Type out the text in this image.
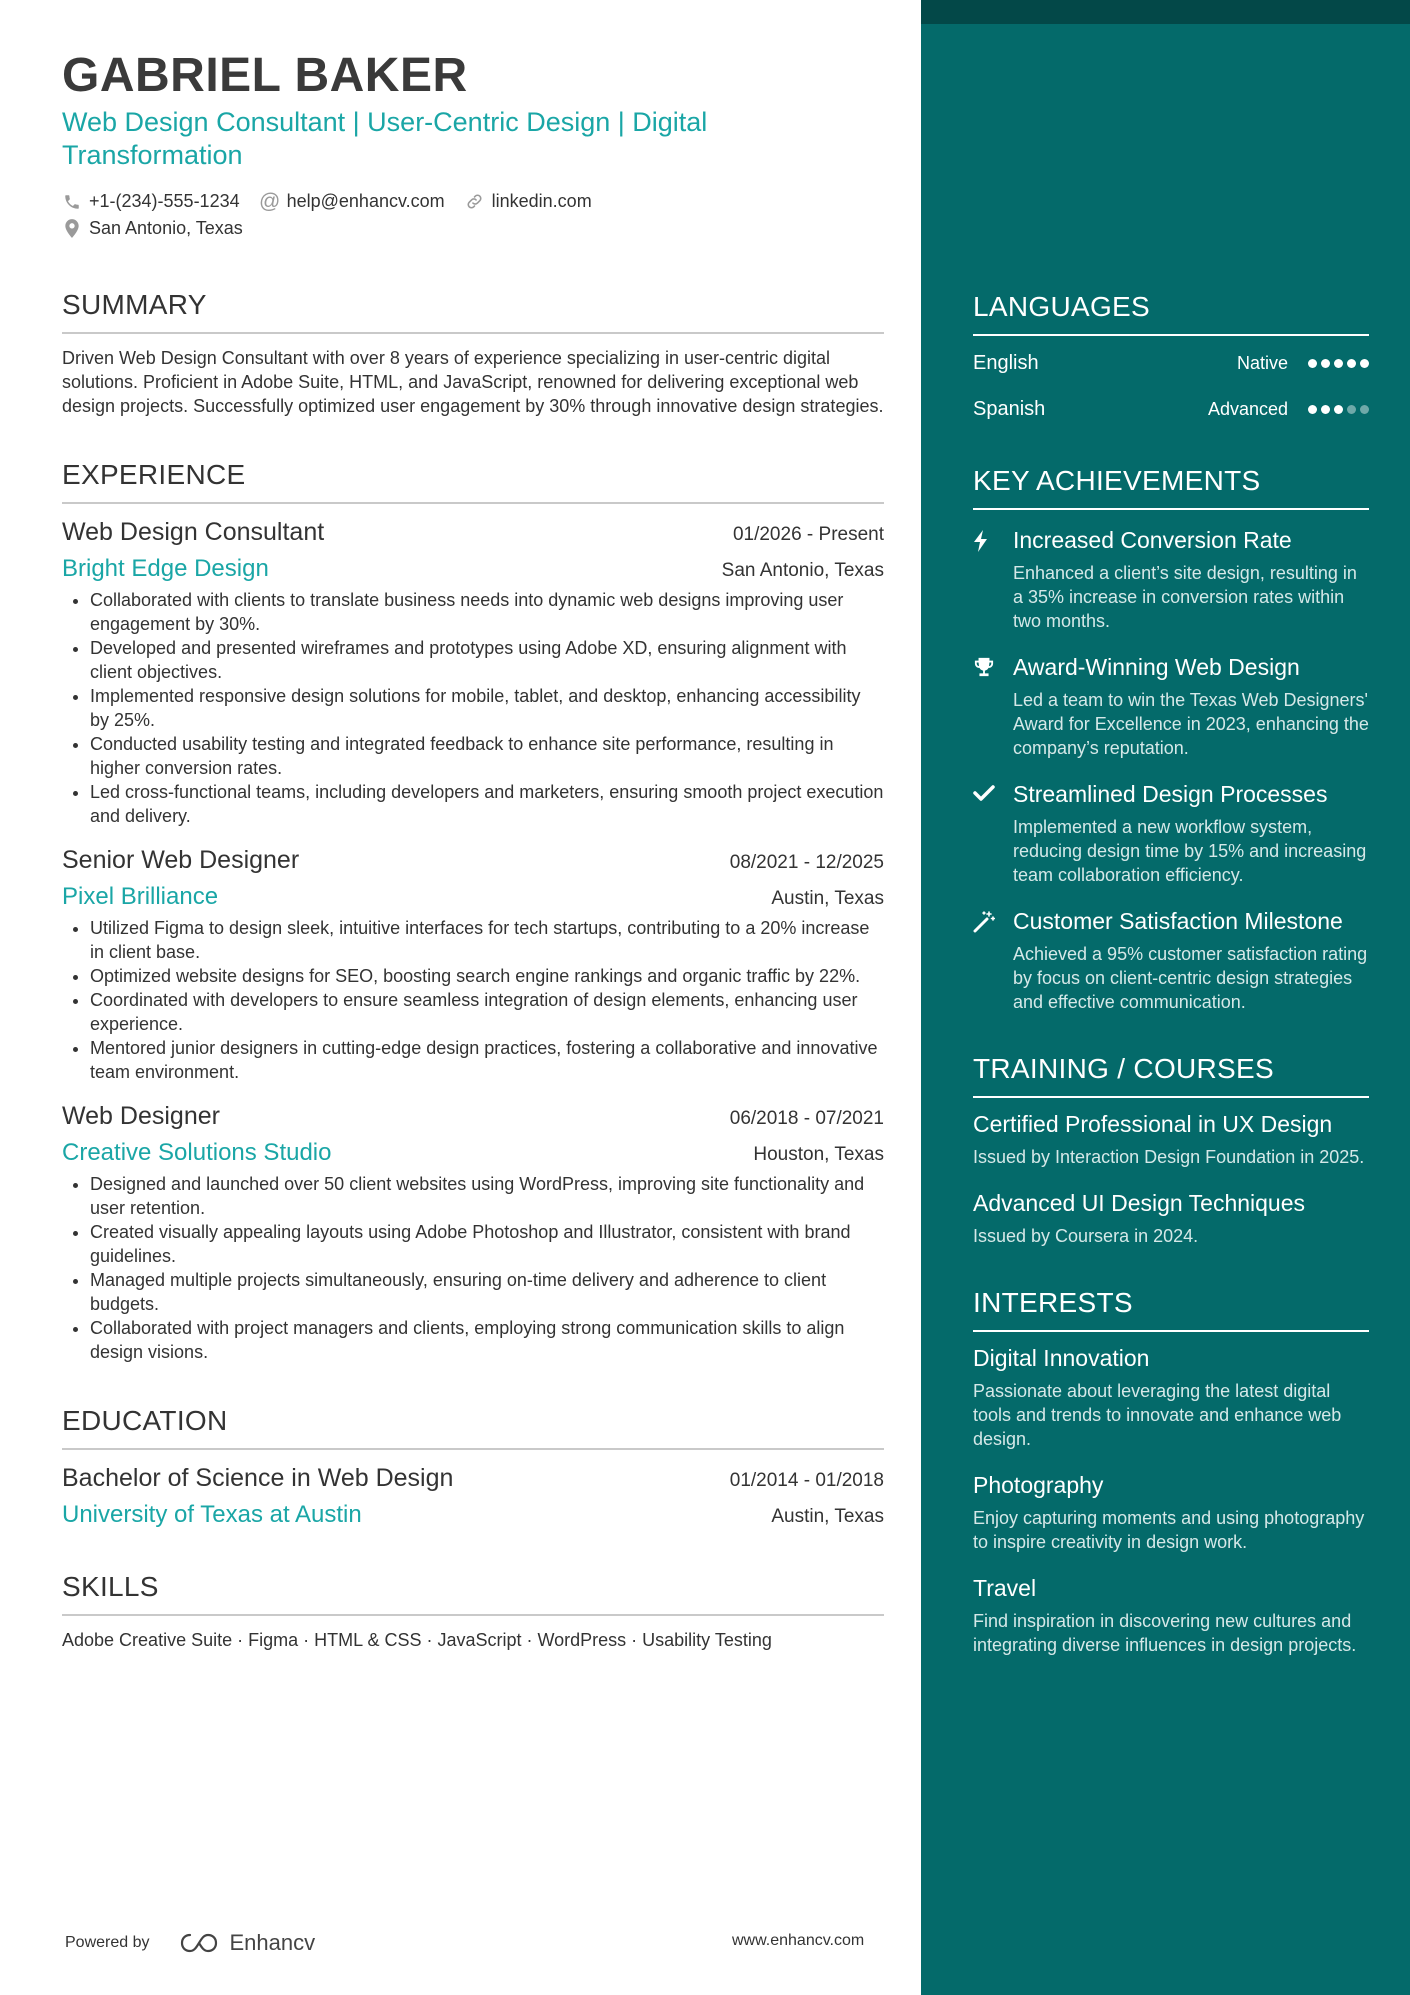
GABRIEL BAKER
Web Design Consultant | User-Centric Design | Digital Transformation
+1-(234)-555-1234 @ help@enhancv.com	linkedin.com
San Antonio, Texas
SUMMARY
Driven Web Design Consultant with over 8 years of experience specializing in user-centric digital solutions. Proficient in Adobe Suite, HTML, and JavaScript, renowned for delivering exceptional web design projects. Successfully optimized user engagement by 30% through innovative design strategies.
EXPERIENCE
Web Design Consultant	01/2026 - Present
Bright Edge Design	San Antonio, Texas
• Collaborated with clients to translate business needs into dynamic web designs improving user engagement by 30%.
• Developed and presented wireframes and prototypes using Adobe XD, ensuring alignment with client objectives.
• Implemented responsive design solutions for mobile, tablet, and desktop, enhancing accessibility by 25%.
• Conducted usability testing and integrated feedback to enhance site performance, resulting in higher conversion rates.
• Led cross-functional teams, including developers and marketers, ensuring smooth project execution and delivery.
Senior Web Designer	08/2021 - 12/2025
Pixel Brilliance	Austin, Texas
• Utilized Figma to design sleek, intuitive interfaces for tech startups, contributing to a 20% increase in client base.
• Optimized website designs for SEO, boosting search engine rankings and organic traffic by 22%.
• Coordinated with developers to ensure seamless integration of design elements, enhancing user experience.
• Mentored junior designers in cutting-edge design practices, fostering a collaborative and innovative team environment.
Web Designer	06/2018 - 07/2021
Creative Solutions Studio	Houston, Texas
• Designed and launched over 50 client websites using WordPress, improving site functionality and user retention.
• Created visually appealing layouts using Adobe Photoshop and Illustrator, consistent with brand guidelines.
• Managed multiple projects simultaneously, ensuring on-time delivery and adherence to client budgets.
• Collaborated with project managers and clients, employing strong communication skills to align design visions.
EDUCATION
Bachelor of Science in Web Design	01/2014 - 01/2018
University of Texas at Austin	Austin, Texas
SKILLS
Adobe Creative Suite · Figma · HTML & CSS · JavaScript · WordPress · Usability Testing
Powered by	Enhancv	www.enhancv.com
LANGUAGES
English	Native
Spanish	Advanced
KEY ACHIEVEMENTS
Increased Conversion Rate
Enhanced a client’s site design, resulting in a 35% increase in conversion rates within two months.
Award-Winning Web Design
Led a team to win the Texas Web Designers' Award for Excellence in 2023, enhancing the company’s reputation.
Streamlined Design Processes
Implemented a new workflow system, reducing design time by 15% and increasing team collaboration efficiency.
Customer Satisfaction Milestone
Achieved a 95% customer satisfaction rating by focus on client-centric design strategies and effective communication.
TRAINING / COURSES
Certified Professional in UX Design
Issued by Interaction Design Foundation in 2025.
Advanced UI Design Techniques
Issued by Coursera in 2024.
INTERESTS
Digital Innovation
Passionate about leveraging the latest digital tools and trends to innovate and enhance web design.
Photography
Enjoy capturing moments and using photography to inspire creativity in design work.
Travel
Find inspiration in discovering new cultures and integrating diverse influences in design projects.
